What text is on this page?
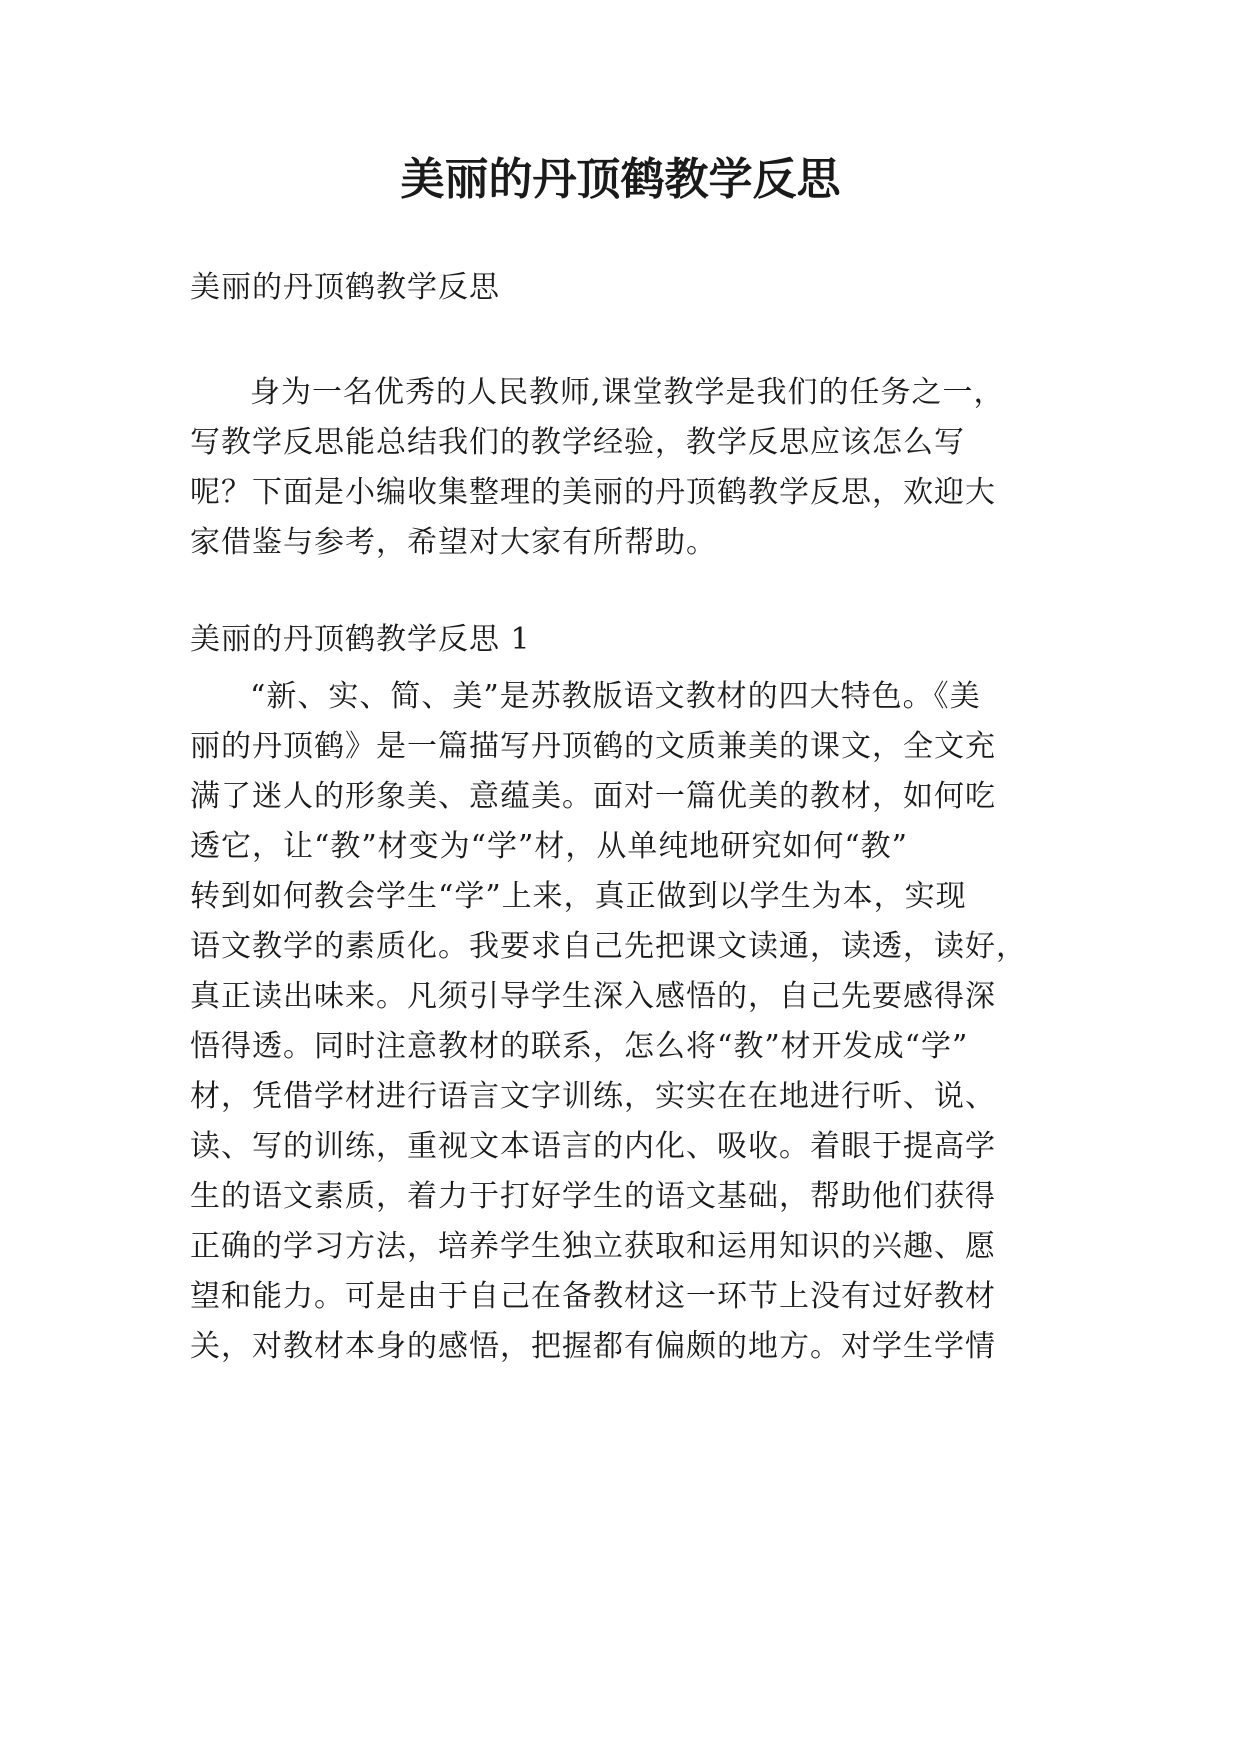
美丽的丹顶鹤教学反思

美丽的丹顶鹤教学反思

身为一名优秀的人民教师,课堂教学是我们的任务之一，

写教学反思能总结我们的教学经验，教学反思应该怎么写

呢？下面是小编收集整理的美丽的丹顶鹤教学反思，欢迎大

家借鉴与参考，希望对大家有所帮助。

美丽的丹顶鹤教学反思 1

“新、实、简、美”是苏教版语文教材的四大特色。《美

丽的丹顶鹤》是一篇描写丹顶鹤的文质兼美的课文，全文充

满了迷人的形象美、意蕴美。面对一篇优美的教材，如何吃

透它，让“教”材变为“学”材，从单纯地研究如何“教”

转到如何教会学生“学”上来，真正做到以学生为本，实现

语文教学的素质化。我要求自己先把课文读通，读透，读好，

真正读出味来。凡须引导学生深入感悟的，自己先要感得深

悟得透。同时注意教材的联系，怎么将“教”材开发成“学”

材，凭借学材进行语言文字训练，实实在在地进行听、说、

读、写的训练，重视文本语言的内化、吸收。着眼于提高学

生的语文素质，着力于打好学生的语文基础，帮助他们获得

正确的学习方法，培养学生独立获取和运用知识的兴趣、愿

望和能力。可是由于自己在备教材这一环节上没有过好教材

关，对教材本身的感悟，把握都有偏颇的地方。对学生学情
